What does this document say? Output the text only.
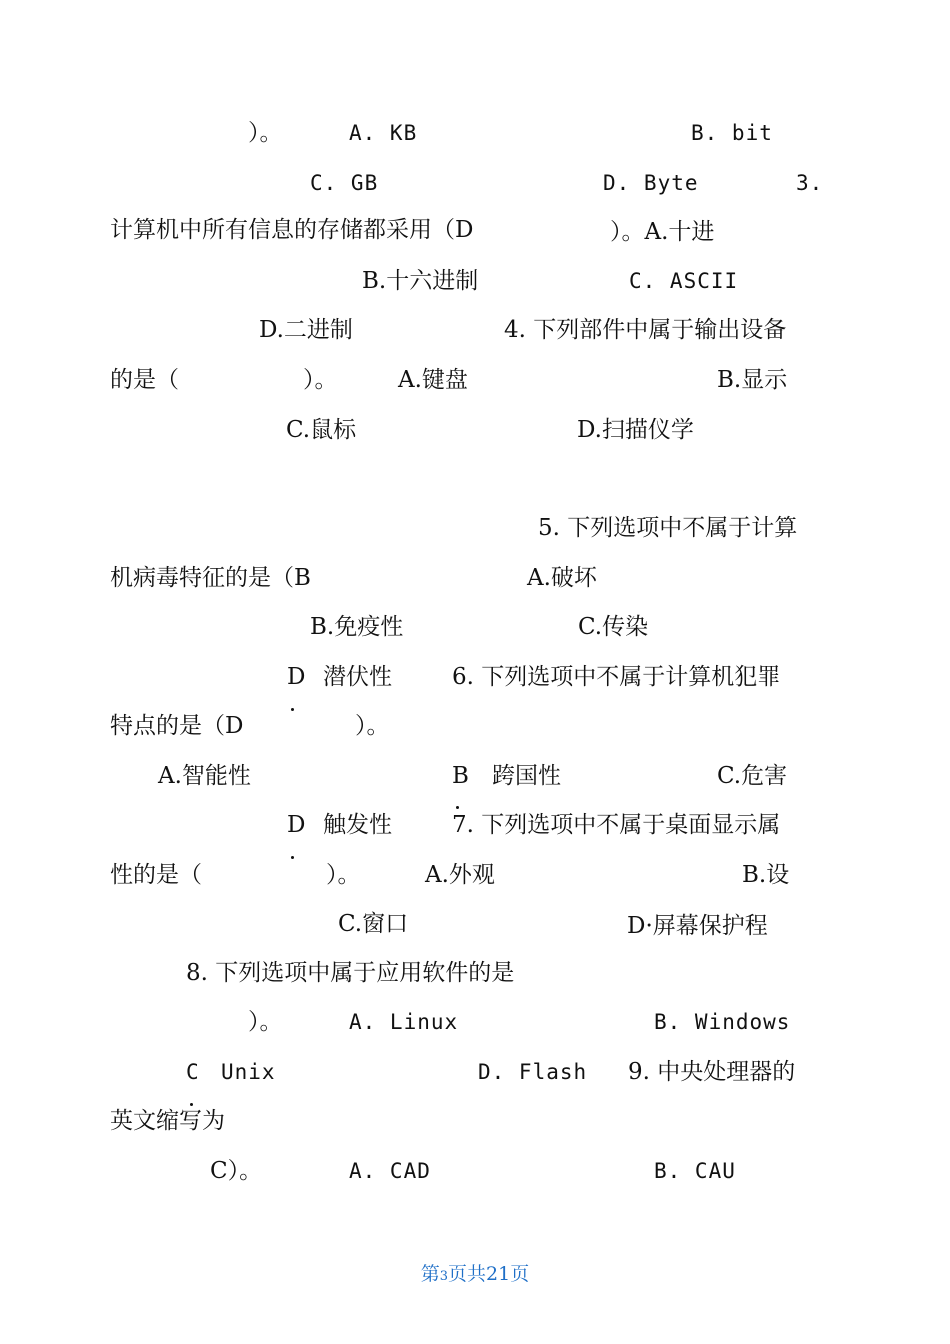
）。	A. KB	B. bit
C. GB	D. Byte	3.
计算机中所有信息的存储都采用（D	）。A.十进
B.十六进制	C. ASCII
D.二进制	4. 下列部件中属于输出设备
的是（	）。	A.键盘	B.显示
C.鼠标	D.扫描仪学
5. 下列选项中不属于计算
机病毒特征的是（B	A.破坏
B.免疫性	C.传染
D 潜伏性	6. 下列选项中不属于计算机犯罪
特点的是（D	）。
A.智能性	B 跨国性	C.危害
D 触发性	7. 下列选项中不属于桌面显示属
性的是（	）。	A.外观	B.设
C.窗口	D·屏幕保护程
8. 下列选项中属于应用软件的是
）。	A. Linux	B. Windows
C Unix	D. Flash 9. 中央处理器的
英文缩写为
C）。	A. CAD	B. CAU
第3页共21页
